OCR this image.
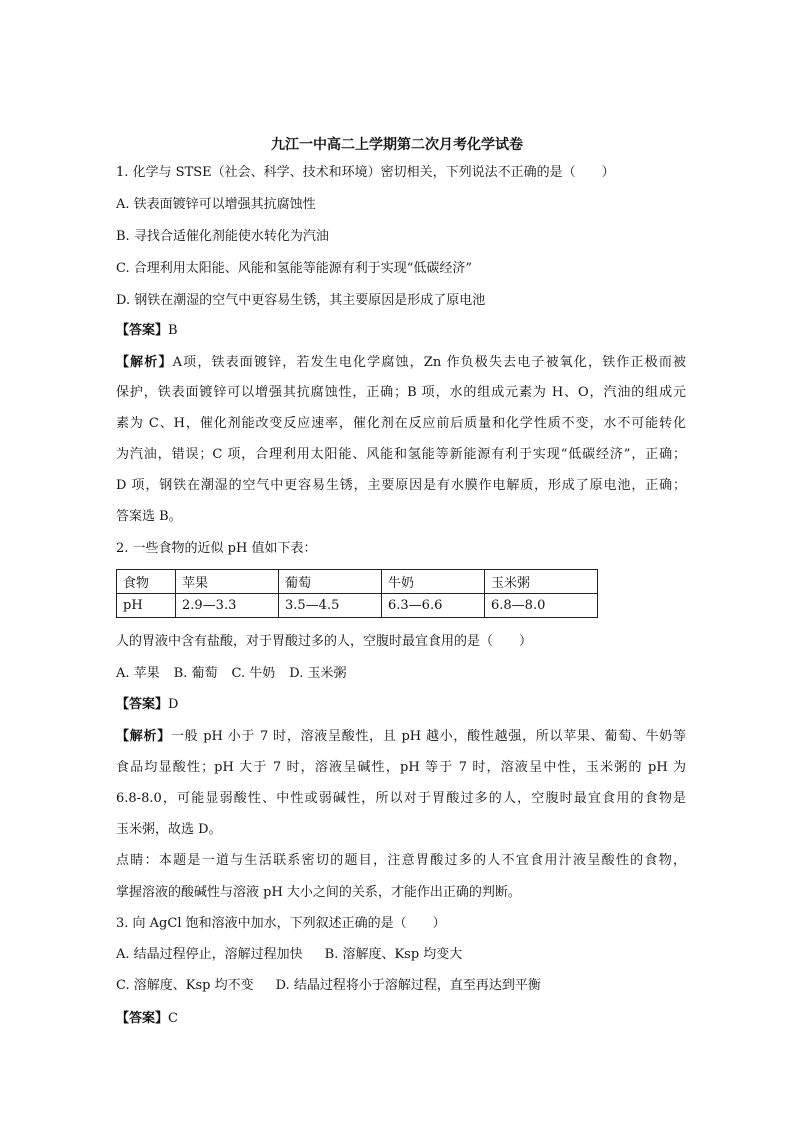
九江一中高二上学期第二次月考化学试卷
1. 化学与 STSE（社会、科学、技术和环境）密切相关，下列说法不正确的是（　　）
A. 铁表面镀锌可以增强其抗腐蚀性
B. 寻找合适催化剂能使水转化为汽油
C. 合理利用太阳能、风能和氢能等能源有利于实现“低碳经济”
D. 钢铁在潮湿的空气中更容易生锈，其主要原因是形成了原电池
【答案】B
【解析】A项，铁表面镀锌，若发生电化学腐蚀，Zn 作负极失去电子被氧化，铁作正极而被
保护，铁表面镀锌可以增强其抗腐蚀性，正确；B 项，水的组成元素为 H、O，汽油的组成元
素为 C、H，催化剂能改变反应速率，催化剂在反应前后质量和化学性质不变，水不可能转化
为汽油，错误；C 项，合理利用太阳能、风能和氢能等新能源有利于实现“低碳经济”，正确；
D 项，钢铁在潮湿的空气中更容易生锈，主要原因是有水膜作电解质，形成了原电池，正确；
答案选 B。
2. 一些食物的近似 pH 值如下表：
食物	苹果	葡萄	牛奶	玉米粥
pH	2.9—3.3	3.5—4.5	6.3—6.6	6.8—8.0
人的胃液中含有盐酸，对于胃酸过多的人，空腹时最宜食用的是（　　）
A. 苹果 B. 葡萄 C. 牛奶 D. 玉米粥
【答案】D
【解析】一般 pH 小于 7 时，溶液呈酸性，且 pH 越小，酸性越强，所以苹果、葡萄、牛奶等
食品均显酸性；pH 大于 7 时，溶液呈碱性，pH 等于 7 时，溶液呈中性，玉米粥的 pH 为
6.8-8.0，可能显弱酸性、中性或弱碱性，所以对于胃酸过多的人，空腹时最宜食用的食物是
玉米粥，故选 D。
点睛：本题是一道与生活联系密切的题目，注意胃酸过多的人不宜食用汁液呈酸性的食物，
掌握溶液的酸碱性与溶液 pH 大小之间的关系，才能作出正确的判断。
3. 向 AgCl 饱和溶液中加水，下列叙述正确的是（　　）
A. 结晶过程停止，溶解过程加快 B. 溶解度、Ksp 均变大
C. 溶解度、Ksp 均不变 D. 结晶过程将小于溶解过程，直至再达到平衡
【答案】C
